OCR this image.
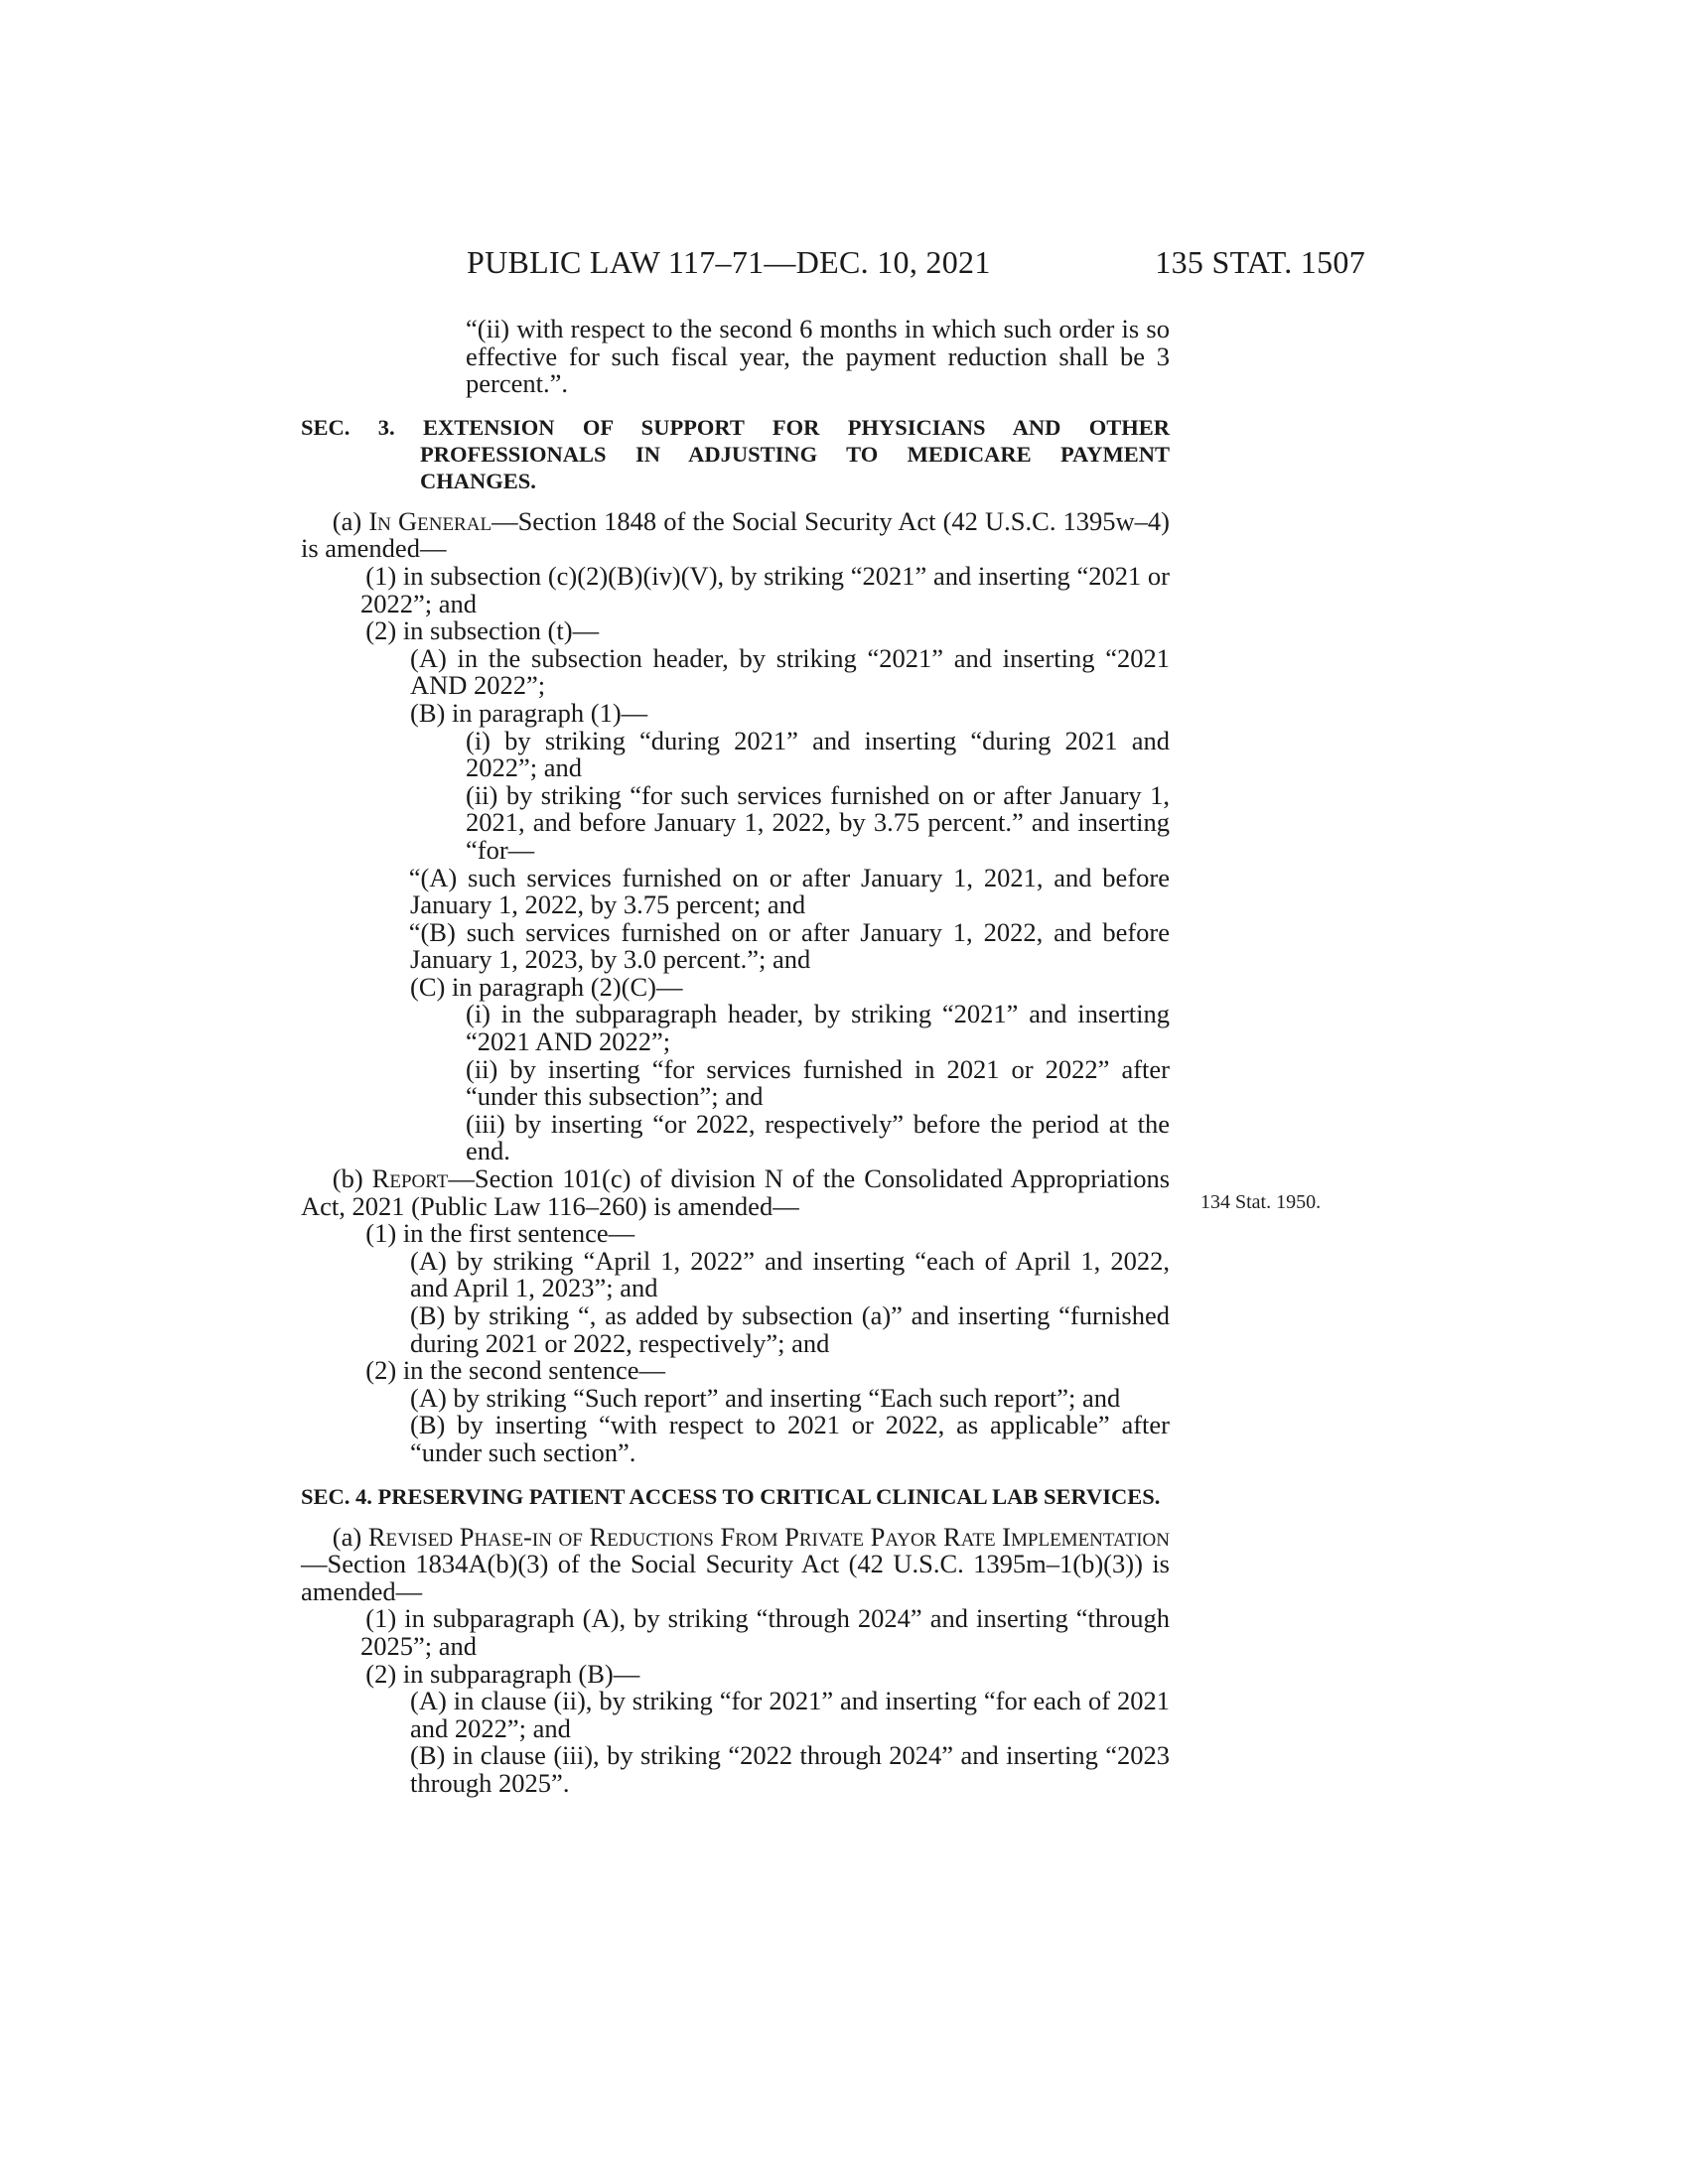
PUBLIC LAW 117–71—DEC. 10, 2021	135 STAT. 1507
134 Stat. 1950.

“(ii) with respect to the second 6 months in which such order is so effective for such fiscal year, the payment reduction shall be 3 percent.”.

SEC. 3. EXTENSION OF SUPPORT FOR PHYSICIANS AND OTHER PROFESSIONALS IN ADJUSTING TO MEDICARE PAYMENT CHANGES.

(a) In General—Section 1848 of the Social Security Act (42 U.S.C. 1395w–4) is amended—

(1) in subsection (c)(2)(B)(iv)(V), by striking “2021” and inserting “2021 or 2022”; and

(2) in subsection (t)—

(A) in the subsection header, by striking “2021” and inserting “2021 AND 2022”;

(B) in paragraph (1)—

(i) by striking “during 2021” and inserting “during 2021 and 2022”; and

(ii) by striking “for such services furnished on or after January 1, 2021, and before January 1, 2022, by 3.75 percent.” and inserting “for—

“(A) such services furnished on or after January 1, 2021, and before January 1, 2022, by 3.75 percent; and

“(B) such services furnished on or after January 1, 2022, and before January 1, 2023, by 3.0 percent.”; and

(C) in paragraph (2)(C)—

(i) in the subparagraph header, by striking “2021” and inserting “2021 AND 2022”;

(ii) by inserting “for services furnished in 2021 or 2022” after “under this subsection”; and

(iii) by inserting “or 2022, respectively” before the period at the end.

(b) Report—Section 101(c) of division N of the Consolidated Appropriations Act, 2021 (Public Law 116–260) is amended—

(1) in the first sentence—

(A) by striking “April 1, 2022” and inserting “each of April 1, 2022, and April 1, 2023”; and

(B) by striking “, as added by subsection (a)” and inserting “furnished during 2021 or 2022, respectively”; and

(2) in the second sentence—

(A) by striking “Such report” and inserting “Each such report”; and

(B) by inserting “with respect to 2021 or 2022, as applicable” after “under such section”.

SEC. 4. PRESERVING PATIENT ACCESS TO CRITICAL CLINICAL LAB SERVICES.

(a) Revised Phase-in of Reductions From Private Payor Rate Implementation—Section 1834A(b)(3) of the Social Security Act (42 U.S.C. 1395m–1(b)(3)) is amended—

(1) in subparagraph (A), by striking “through 2024” and inserting “through 2025”; and

(2) in subparagraph (B)—

(A) in clause (ii), by striking “for 2021” and inserting “for each of 2021 and 2022”; and

(B) in clause (iii), by striking “2022 through 2024” and inserting “2023 through 2025”.
